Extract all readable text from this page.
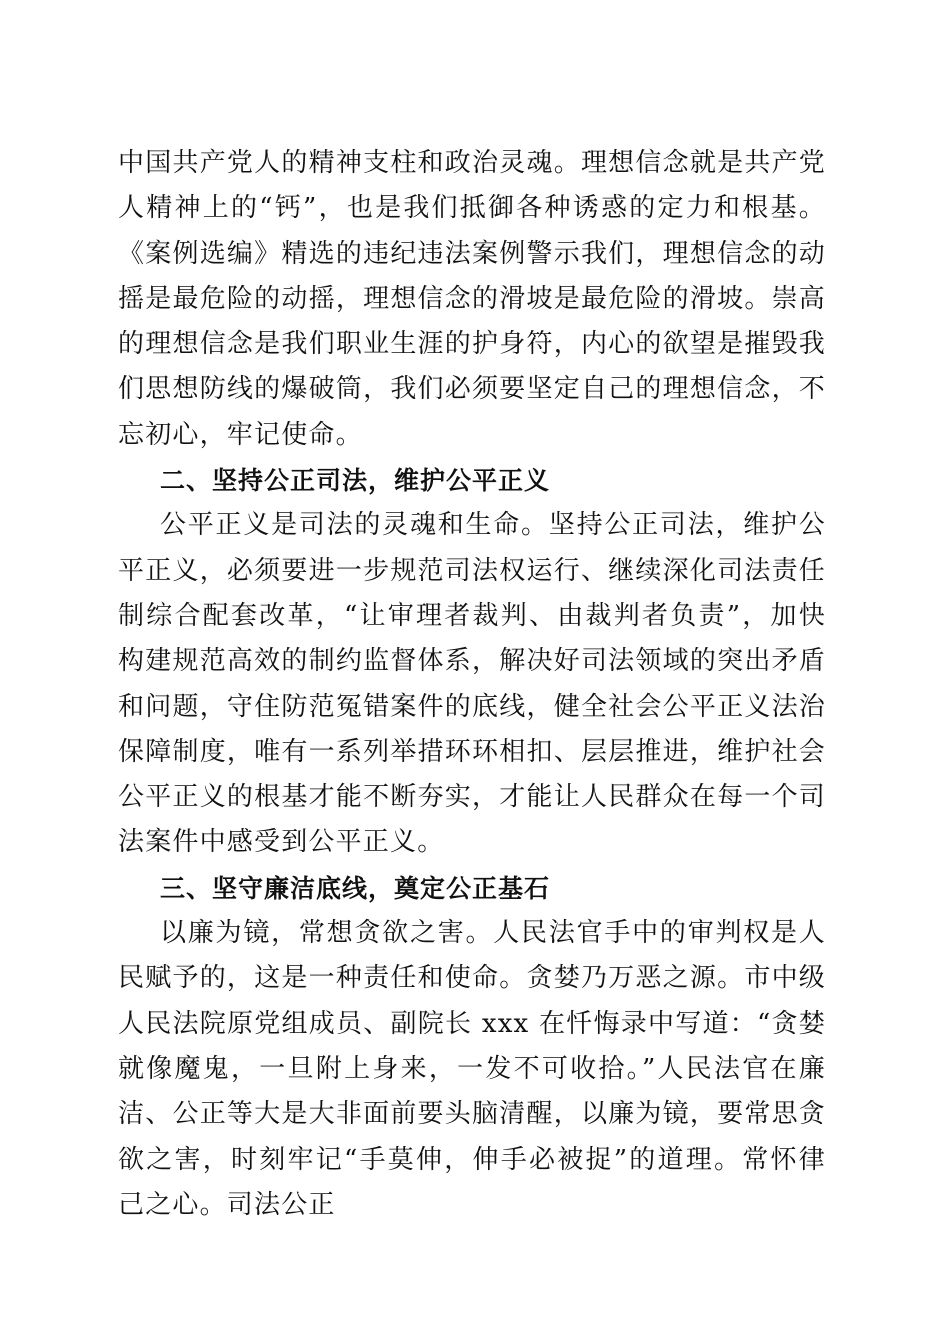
中国共产党人的精神支柱和政治灵魂。理想信念就是共产党人精神上的“钙”，也是我们抵御各种诱惑的定力和根基。《案例选编》精选的违纪违法案例警示我们，理想信念的动摇是最危险的动摇，理想信念的滑坡是最危险的滑坡。崇高的理想信念是我们职业生涯的护身符，内心的欲望是摧毁我们思想防线的爆破筒，我们必须要坚定自己的理想信念，不忘初心，牢记使命。

二、坚持公正司法，维护公平正义

公平正义是司法的灵魂和生命。坚持公正司法，维护公平正义，必须要进一步规范司法权运行、继续深化司法责任制综合配套改革，“让审理者裁判、由裁判者负责”，加快构建规范高效的制约监督体系，解决好司法领域的突出矛盾和问题，守住防范冤错案件的底线，健全社会公平正义法治保障制度，唯有一系列举措环环相扣、层层推进，维护社会公平正义的根基才能不断夯实，才能让人民群众在每一个司法案件中感受到公平正义。

三、坚守廉洁底线，奠定公正基石

以廉为镜，常想贪欲之害。人民法官手中的审判权是人民赋予的，这是一种责任和使命。贪婪乃万恶之源。市中级人民法院原党组成员、副院长 xxx 在忏悔录中写道：“贪婪就像魔鬼，一旦附上身来，一发不可收拾。”人民法官在廉洁、公正等大是大非面前要头脑清醒，以廉为镜，要常思贪欲之害，时刻牢记“手莫伸，伸手必被捉”的道理。常怀律己之心。司法公正
